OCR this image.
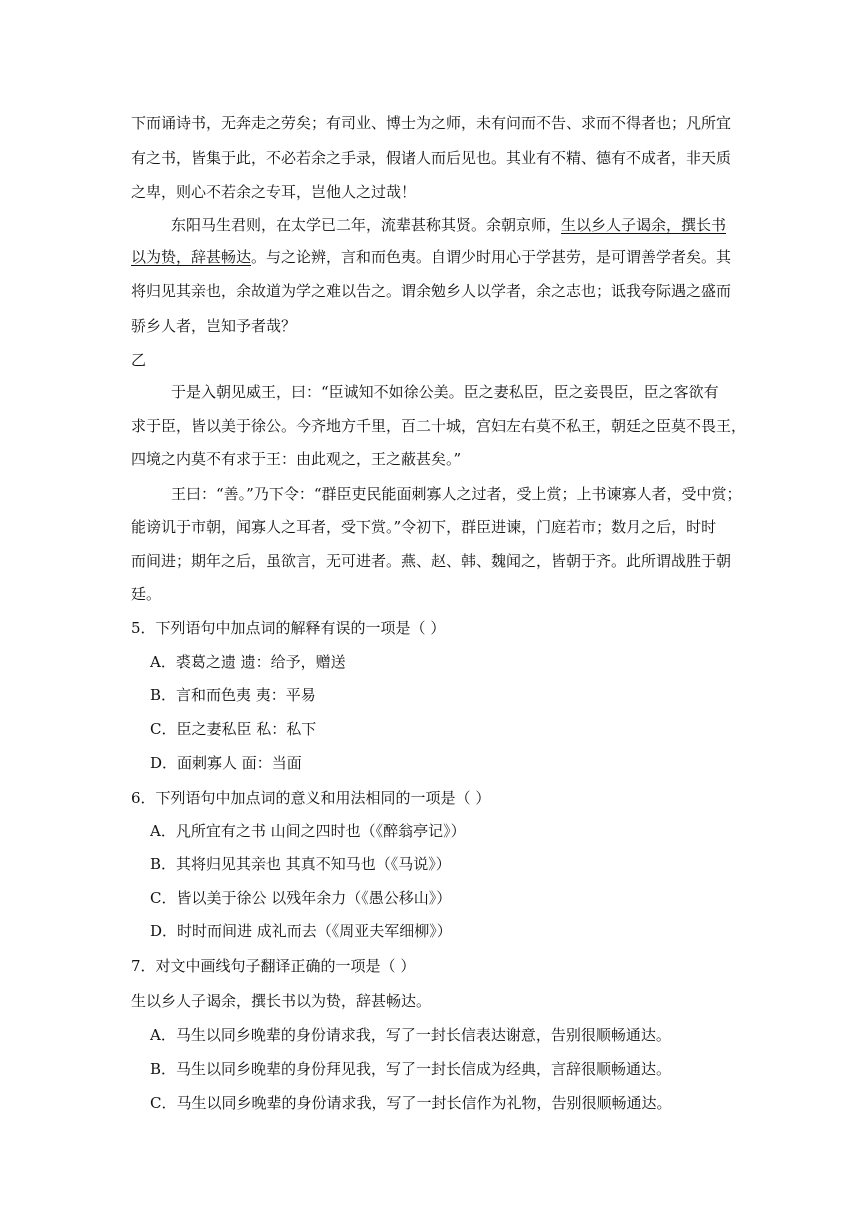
下而诵诗书，无奔走之劳矣；有司业、博士为之师，未有问而不告、求而不得者也；凡所宜
有之书，皆集于此，不必若余之手录，假诸人而后见也。其业有不精、德有不成者，非天质
之卑，则心不若余之专耳，岂他人之过哉！
东阳马生君则，在太学已二年，流辈甚称其贤。余朝京师，生以乡人子谒余，撰长书
以为贽，辞甚畅达。与之论辨，言和而色夷。自谓少时用心于学甚劳，是可谓善学者矣。其
将归见其亲也，余故道为学之难以告之。谓余勉乡人以学者，余之志也；诋我夸际遇之盛而
骄乡人者，岂知予者哉？
乙
于是入朝见威王，曰：“臣诚知不如徐公美。臣之妻私臣，臣之妾畏臣，臣之客欲有
求于臣，皆以美于徐公。今齐地方千里，百二十城，宫妇左右莫不私王，朝廷之臣莫不畏王，
四境之内莫不有求于王：由此观之，王之蔽甚矣。”
王曰：“善。”乃下令：“群臣吏民能面刺寡人之过者，受上赏；上书谏寡人者，受中赏；
能谤讥于市朝，闻寡人之耳者，受下赏。”令初下，群臣进谏，门庭若市；数月之后，时时
而间进；期年之后，虽欲言，无可进者。燕、赵、韩、魏闻之，皆朝于齐。此所谓战胜于朝
廷。
5．下列语句中加点词的解释有误的一项是（ ）
A．裘葛之遗 遗：给予，赠送
B．言和而色夷 夷：平易
C．臣之妻私臣 私：私下
D．面刺寡人 面：当面
6．下列语句中加点词的意义和用法相同的一项是（ ）
A．凡所宜有之书 山间之四时也（《醉翁亭记》）
B．其将归见其亲也 其真不知马也（《马说》）
C．皆以美于徐公 以残年余力（《愚公移山》）
D．时时而间进 成礼而去（《周亚夫军细柳》）
7．对文中画线句子翻译正确的一项是（ ）
生以乡人子谒余，撰长书以为贽，辞甚畅达。
A．马生以同乡晚辈的身份请求我，写了一封长信表达谢意，告别很顺畅通达。
B．马生以同乡晚辈的身份拜见我，写了一封长信成为经典，言辞很顺畅通达。
C．马生以同乡晚辈的身份请求我，写了一封长信作为礼物，告别很顺畅通达。
